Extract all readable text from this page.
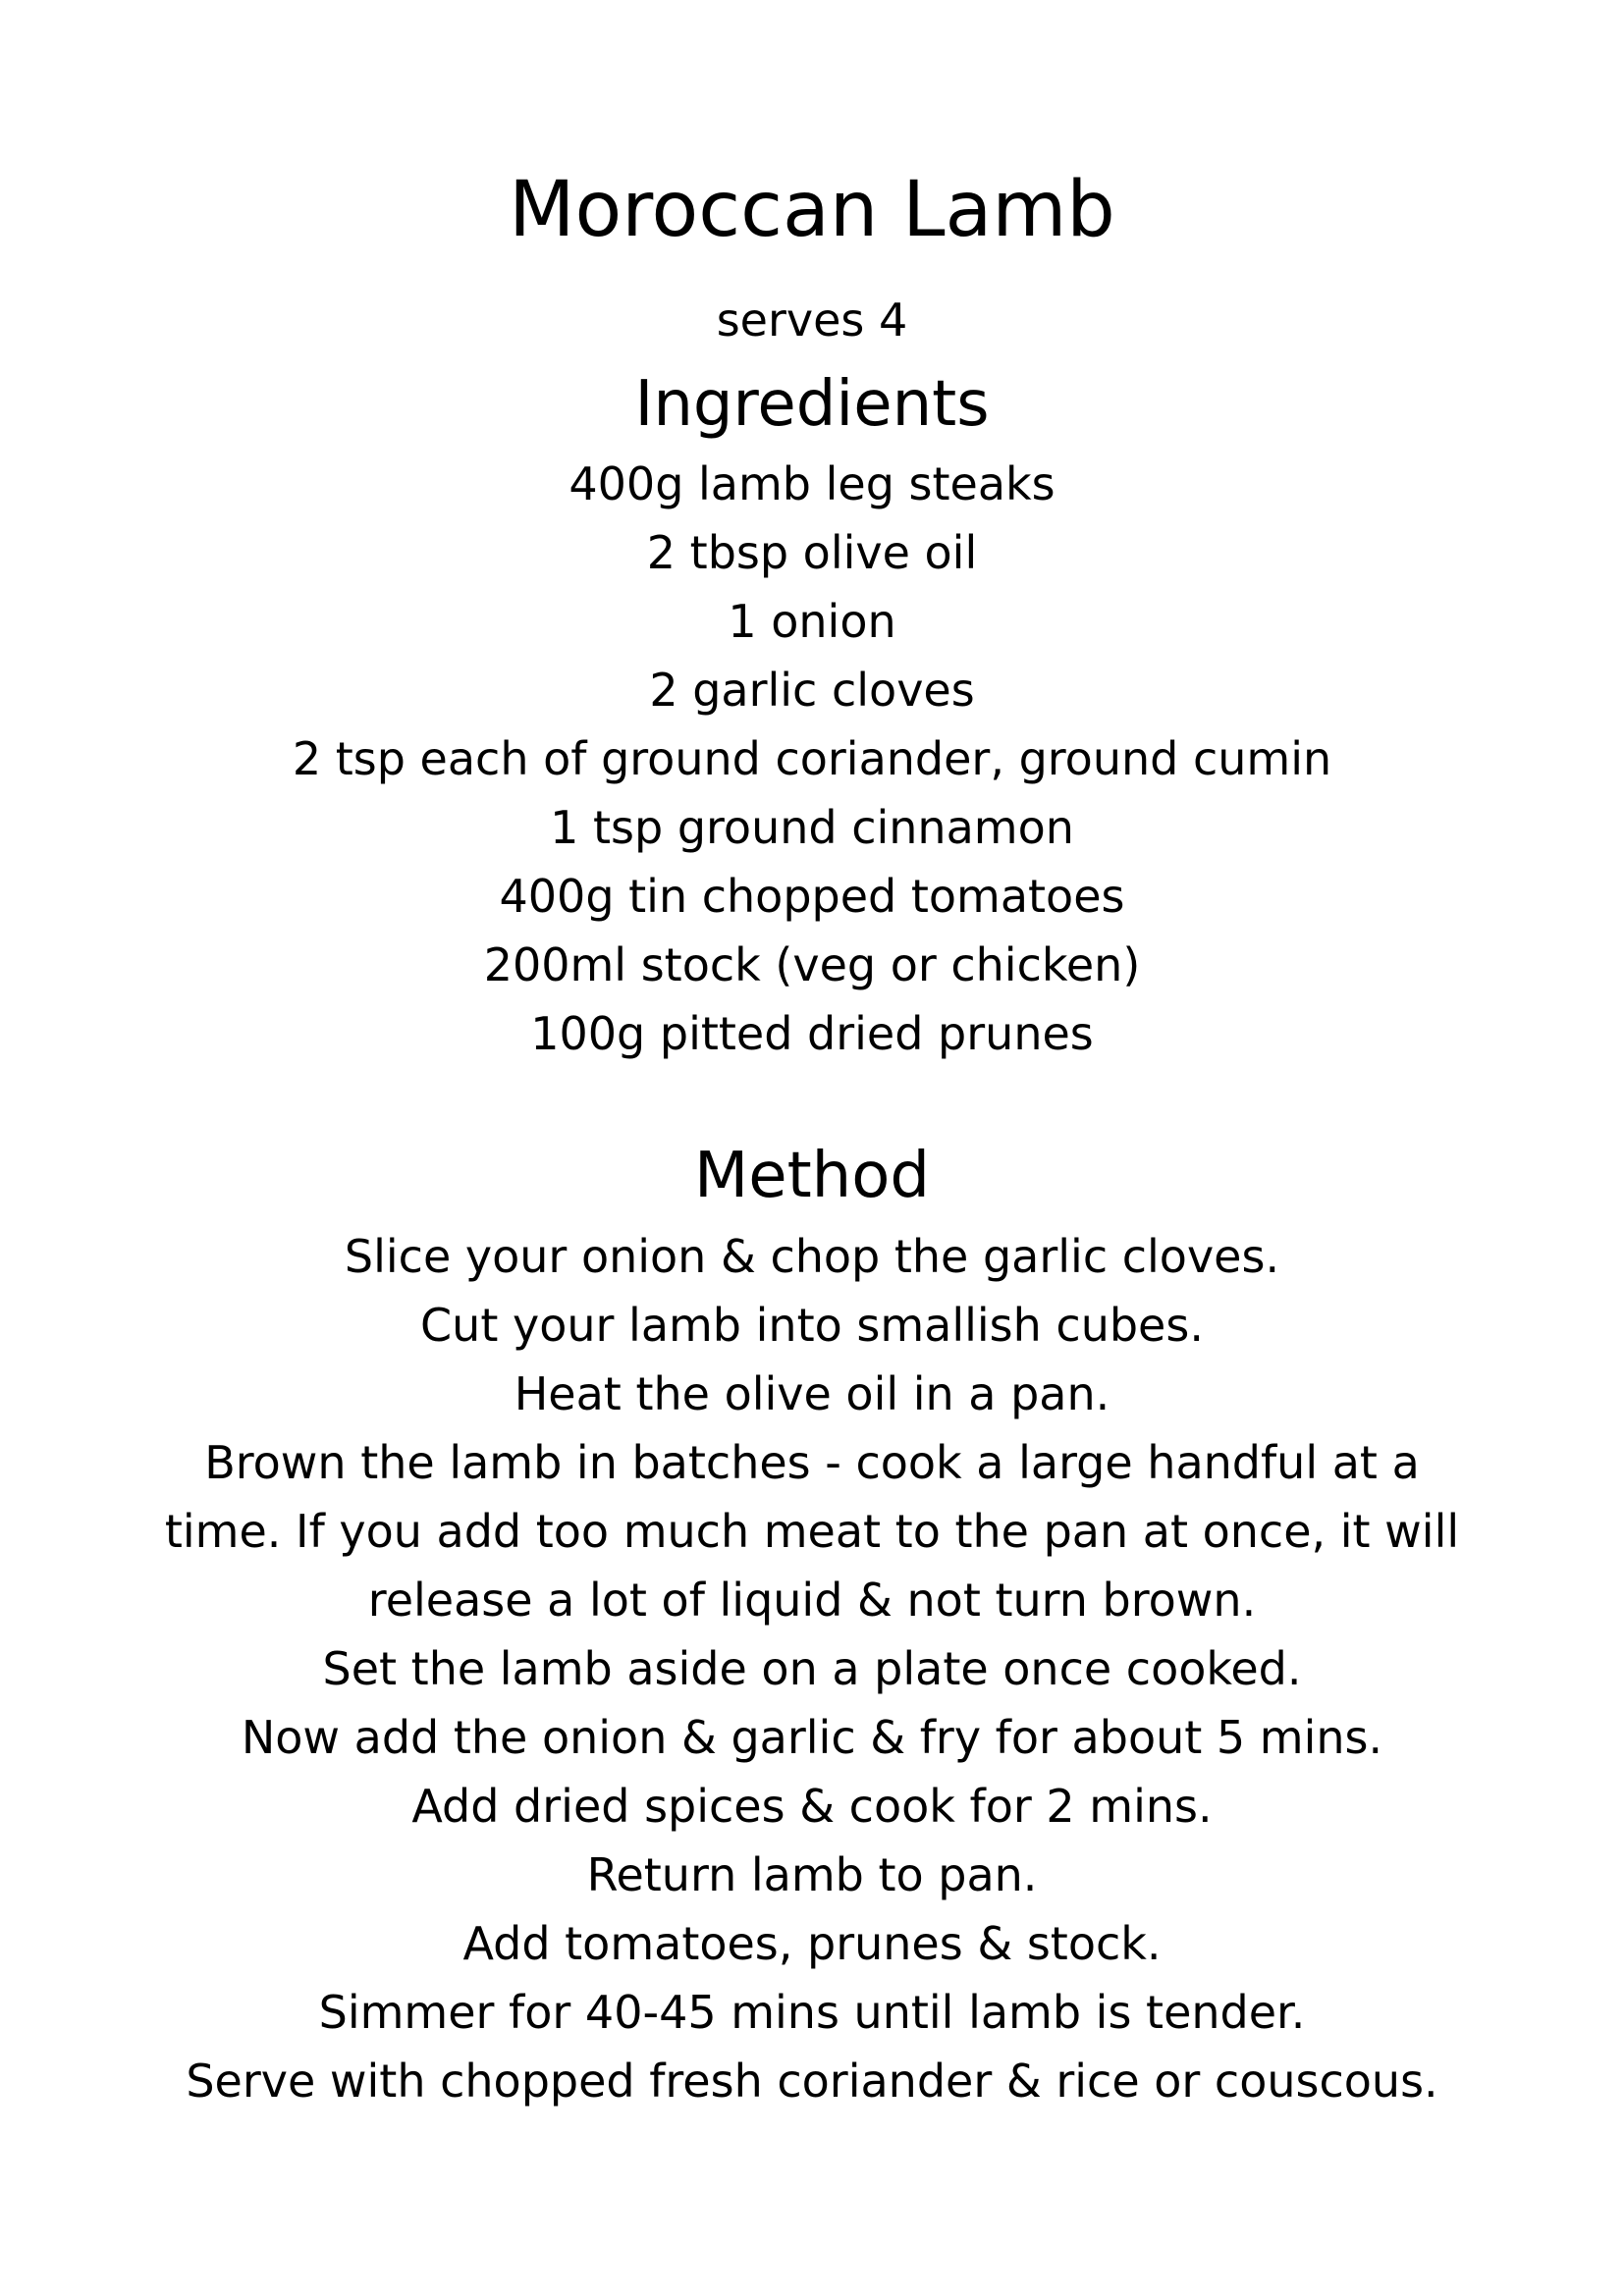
Moroccan Lamb
serves 4
Ingredients
400g lamb leg steaks
2 tbsp olive oil
1 onion
2 garlic cloves
2 tsp each of ground coriander, ground cumin
1 tsp ground cinnamon
400g tin chopped tomatoes
200ml stock (veg or chicken)
100g pitted dried prunes
Method
Slice your onion & chop the garlic cloves.
Cut your lamb into smallish cubes.
Heat the olive oil in a pan.
Brown the lamb in batches - cook a large handful at a
time. If you add too much meat to the pan at once, it will
release a lot of liquid & not turn brown.
Set the lamb aside on a plate once cooked.
Now add the onion & garlic & fry for about 5 mins.
Add dried spices & cook for 2 mins.
Return lamb to pan.
Add tomatoes, prunes & stock.
Simmer for 40-45 mins until lamb is tender.
Serve with chopped fresh coriander & rice or couscous.
